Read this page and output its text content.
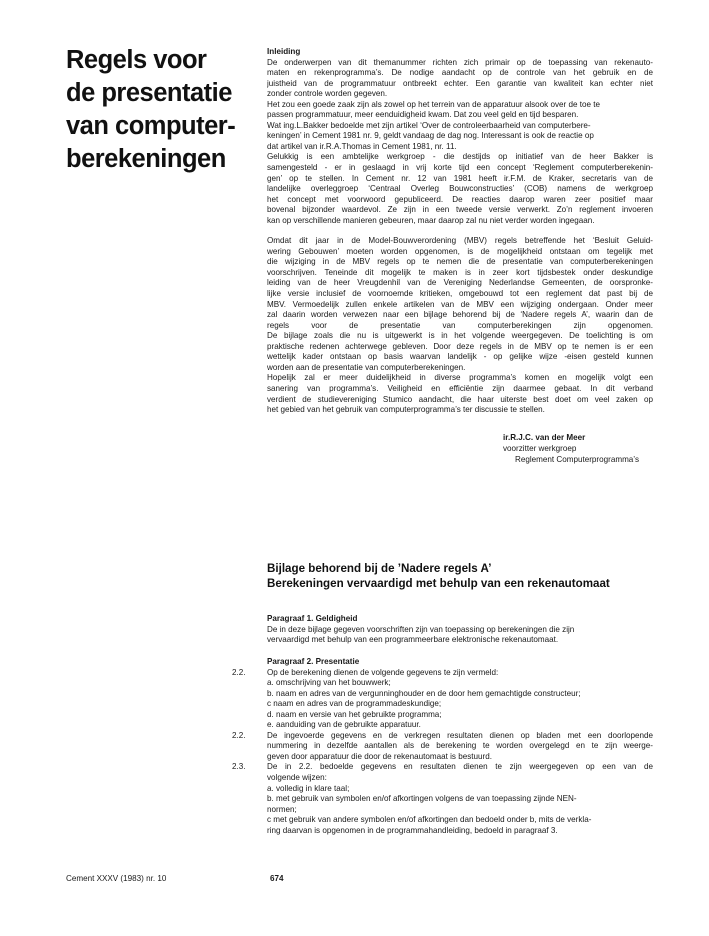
Regels voor
de presentatie
van computer-
berekeningen
Inleiding
De onderwerpen van dit themanummer richten zich primair op de toepassing van rekenauto-
maten en rekenprogramma’s. De nodige aandacht op de controle van het gebruik en de
juistheid van de programmatuur ontbreekt echter. Een garantie van kwaliteit kan echter niet
zonder controle worden gegeven.
Het zou een goede zaak zijn als zowel op het terrein van de apparatuur alsook over de toe te
passen programmatuur, meer eenduidigheid kwam. Dat zou veel geld en tijd besparen.
Wat ing.L.Bakker bedoelde met zijn artikel ‘Over de controleerbaarheid van computerbere-
keningen’ in Cement 1981 nr. 9, geldt vandaag de dag nog. Interessant is ook de reactie op
dat artikel van ir.R.A.Thomas in Cement 1981, nr. 11.
Gelukkig is een ambtelijke werkgroep - die destijds op initiatief van de heer Bakker is
samengesteld - er in geslaagd in vrij korte tijd een concept ‘Reglement computerberekenin-
gen’ op te stellen. In Cement nr. 12 van 1981 heeft ir.F.M. de Kraker, secretaris van de
landelijke overleggroep ‘Centraal Overleg Bouwconstructies’ (COB) namens de werkgroep
het concept met voorwoord gepubliceerd. De reacties daarop waren zeer positief maar
bovenal bijzonder waardevol. Ze zijn in een tweede versie verwerkt. Zo’n reglement invoeren
kan op verschillende manieren gebeuren, maar daarop zal nu niet verder worden ingegaan.
Omdat dit jaar in de Model-Bouwverordening (MBV) regels betreffende het ‘Besluit Geluid-
wering Gebouwen’ moeten worden opgenomen, is de mogelijkheid ontstaan om tegelijk met
die wijziging in de MBV regels op te nemen die de presentatie van computerberekeningen
voorschrijven. Teneinde dit mogelijk te maken is in zeer kort tijdsbestek onder deskundige
leiding van de heer Vreugdenhil van de Vereniging Nederlandse Gemeenten, de oorspronke-
lijke versie inclusief de voornoemde kritieken, omgebouwd tot een reglement dat past bij de
MBV. Vermoedelijk zullen enkele artikelen van de MBV een wijziging ondergaan. Onder meer
zal daarin worden verwezen naar een bijlage behorend bij de ‘Nadere regels A’, waarin dan de
regels voor de presentatie van computerberekingen zijn opgenomen.
De bijlage zoals die nu is uitgewerkt is in het volgende weergegeven. De toelichting is om
praktische redenen achterwege gebleven. Door deze regels in de MBV op te nemen is er een
wettelijk kader ontstaan op basis waarvan landelijk - op gelijke wijze -eisen gesteld kunnen
worden aan de presentatie van computerberekeningen.
Hopelijk zal er meer duidelijkheid in diverse programma’s komen en mogelijk volgt een
sanering van programma’s. Veiligheid en efficiëntie zijn daarmee gebaat. In dit verband
verdient de studievereniging Stumico aandacht, die haar uiterste best doet om veel zaken op
het gebied van het gebruik van computerprogramma’s ter discussie te stellen.
ir.R.J.C. van der Meer
voorzitter werkgroep
Reglement Computerprogramma’s
Bijlage behorend bij de ’Nadere regels A’
Berekeningen vervaardigd met behulp van een rekenautomaat
Paragraaf 1. Geldigheid
De in deze bijlage gegeven voorschriften zijn van toepassing op berekeningen die zijn
vervaardigd met behulp van een programmeerbare elektronische rekenautomaat.
Paragraaf 2. Presentatie
2.2.	Op de berekening dienen de volgende gegevens te zijn vermeld:
a. omschrijving van het bouwwerk;
b. naam en adres van de vergunninghouder en de door hem gemachtigde constructeur;
c naam en adres van de programmadeskundige;
d. naam en versie van het gebruikte programma;
e. aanduiding van de gebruikte apparatuur.
2.2.	De ingevoerde gegevens en de verkregen resultaten dienen op bladen met een doorlopende
nummering in dezelfde aantallen als de berekening te worden overgelegd en te zijn weerge-
geven door apparatuur die door de rekenautomaat is bestuurd.
2.3.	De in 2.2. bedoelde gegevens en resultaten dienen te zijn weergegeven op een van de
volgende wijzen:
a. volledig in klare taal;
b. met gebruik van symbolen en/of afkortingen volgens de van toepassing zijnde NEN-
normen;
c met gebruik van andere symbolen en/of afkortingen dan bedoeld onder b, mits de verkla-
ring daarvan is opgenomen in de programmahandleiding, bedoeld in paragraaf 3.
Cement XXXV (1983) nr. 10	674
